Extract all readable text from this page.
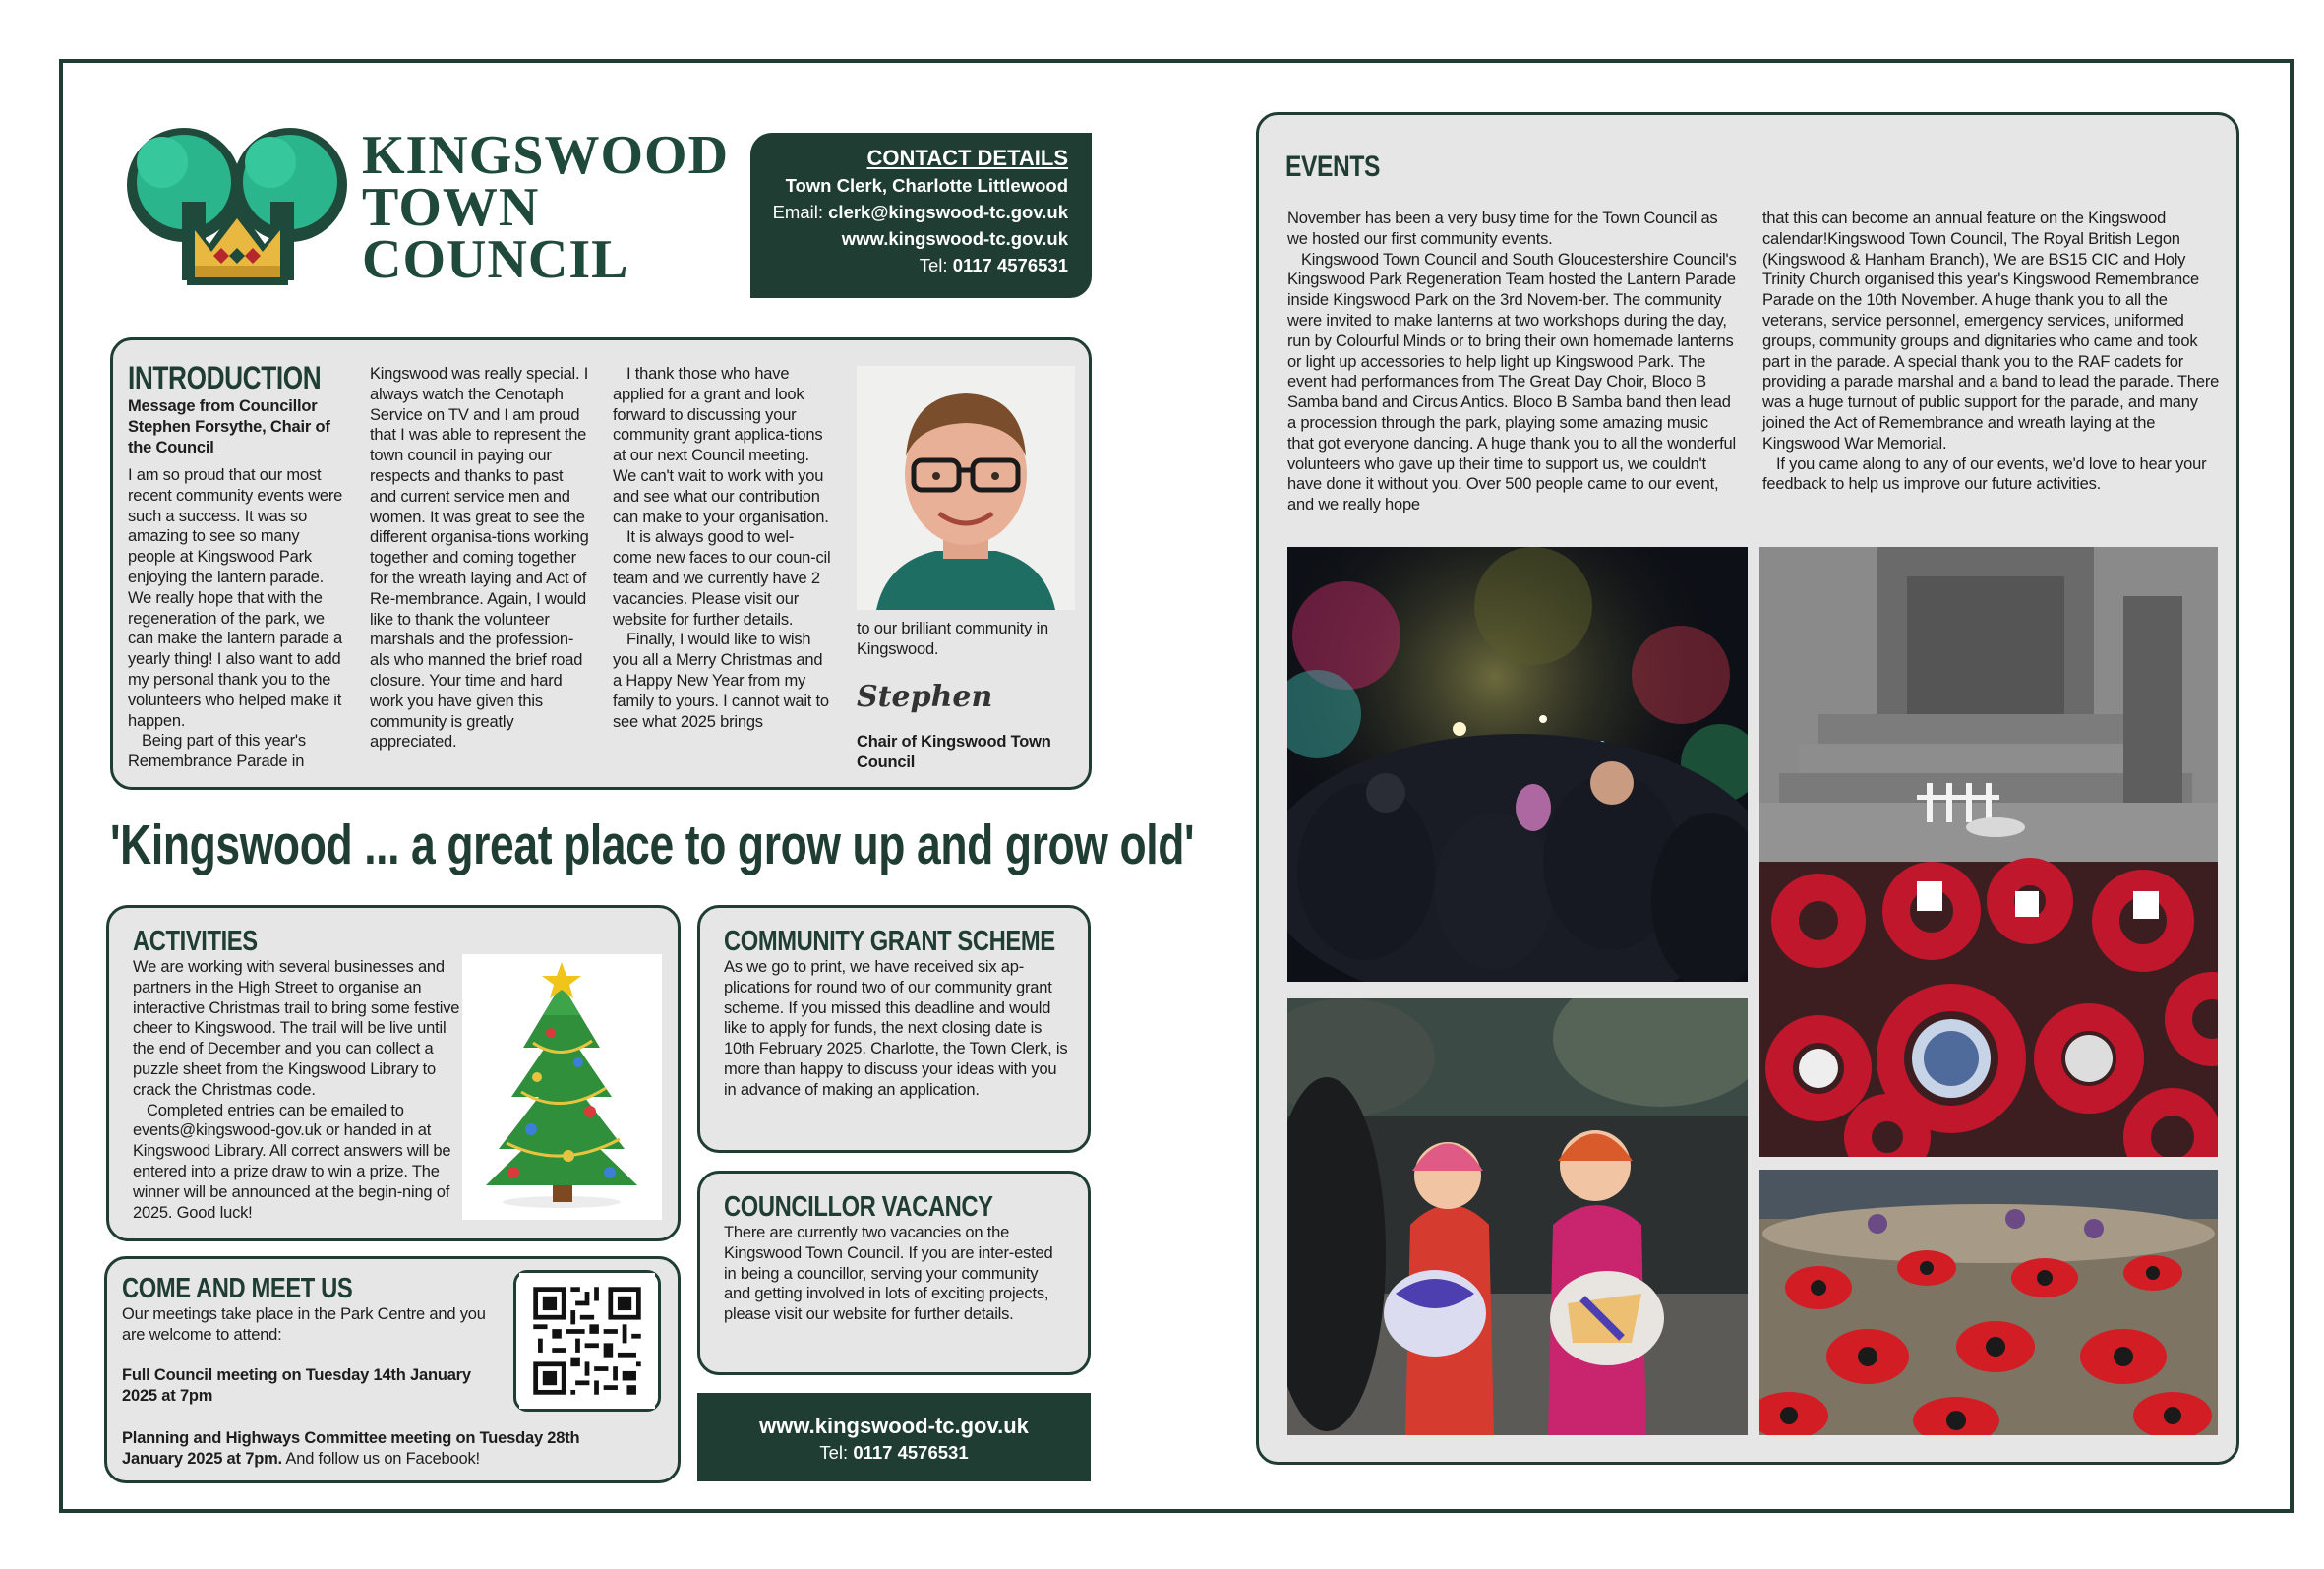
KINGSWOOD
TOWN
COUNCIL
CONTACT DETAILS
Town Clerk, Charlotte Littlewood
Email: clerk@kingswood-tc.gov.uk
www.kingswood-tc.gov.uk
Tel: 0117 4576531
INTRODUCTION
Message from Councillor Stephen Forsythe, Chair of the Council

I am so proud that our most recent community events were such a success. It was so amazing to see so many people at Kingswood Park enjoying the lantern parade. We really hope that with the regeneration of the park, we can make the lantern parade a yearly thing! I also want to add my personal thank you to the volunteers who helped make it happen.

Being part of this year's Remembrance Parade in

Kingswood was really special. I always watch the Cenotaph Service on TV and I am proud that I was able to represent the town council in paying our respects and thanks to past and current service men and women. It was great to see the different organisa-tions working together and coming together for the wreath laying and Act of Re-membrance. Again, I would like to thank the volunteer marshals and the profession-als who manned the brief road closure. Your time and hard work you have given this community is greatly appreciated.

I thank those who have applied for a grant and look forward to discussing your community grant applica-tions at our next Council meeting. We can't wait to work with you and see what our contribution can make to your organisation.

It is always good to wel-come new faces to our coun-cil team and we currently have 2 vacancies. Please visit our website for further details.

Finally, I would like to wish you all a Merry Christmas and a Happy New Year from my family to yours. I cannot wait to see what 2025 brings

to our brilliant community in Kingswood.
Stephen
Chair of Kingswood Town Council
'Kingswood ... a great place to grow up and grow old'
ACTIVITIES

We are working with several businesses and partners in the High Street to organise an interactive Christmas trail to bring some festive cheer to Kingswood. The trail will be live until the end of December and you can collect a puzzle sheet from the Kingswood Library to crack the Christmas code.

Completed entries can be emailed to events@kingswood-gov.uk or handed in at Kingswood Library. All correct answers will be entered into a prize draw to win a prize. The winner will be announced at the begin-ning of 2025. Good luck!

COME AND MEET US
Our meetings take place in the Park Centre and you are welcome to attend:
Full Council meeting on Tuesday 14th January 2025 at 7pm
Planning and Highways Committee meeting on Tuesday 28th January 2025 at 7pm. And follow us on Facebook!
COMMUNITY GRANT SCHEME
As we go to print, we have received six ap-plications for round two of our community grant scheme. If you missed this deadline and would like to apply for funds, the next closing date is 10th February 2025. Charlotte, the Town Clerk, is more than happy to discuss your ideas with you in advance of making an application.
COUNCILLOR VACANCY
There are currently two vacancies on the Kingswood Town Council. If you are inter-ested in being a councillor, serving your community and getting involved in lots of exciting projects, please visit our website for further details.
www.kingswood-tc.gov.uk
Tel: 0117 4576531
EVENTS

November has been a very busy time for the Town Council as we hosted our first community events.

Kingswood Town Council and South Gloucestershire Council's Kingswood Park Regeneration Team hosted the Lantern Parade inside Kingswood Park on the 3rd Novem-ber. The community were invited to make lanterns at two workshops during the day, run by Colourful Minds or to bring their own homemade lanterns or light up accessories to help light up Kingswood Park. The event had performances from The Great Day Choir, Bloco B Samba band and Circus Antics. Bloco B Samba band then lead a procession through the park, playing some amazing music that got everyone dancing. A huge thank you to all the wonderful volunteers who gave up their time to support us, we couldn't have done it without you. Over 500 people came to our event, and we really hope

that this can become an annual feature on the Kingswood calendar!Kingswood Town Council, The Royal British Legon (Kingswood & Hanham Branch), We are BS15 CIC and Holy Trinity Church organised this year's Kingswood Remembrance Parade on the 10th November. A huge thank you to all the veterans, service personnel, emergency services, uniformed groups, community groups and dignitaries who came and took part in the parade. A special thank you to the RAF cadets for providing a parade marshal and a band to lead the parade. There was a huge turnout of public support for the parade, and many joined the Act of Remembrance and wreath laying at the Kingswood War Memorial.

If you came along to any of our events, we'd love to hear your feedback to help us improve our future activities.
